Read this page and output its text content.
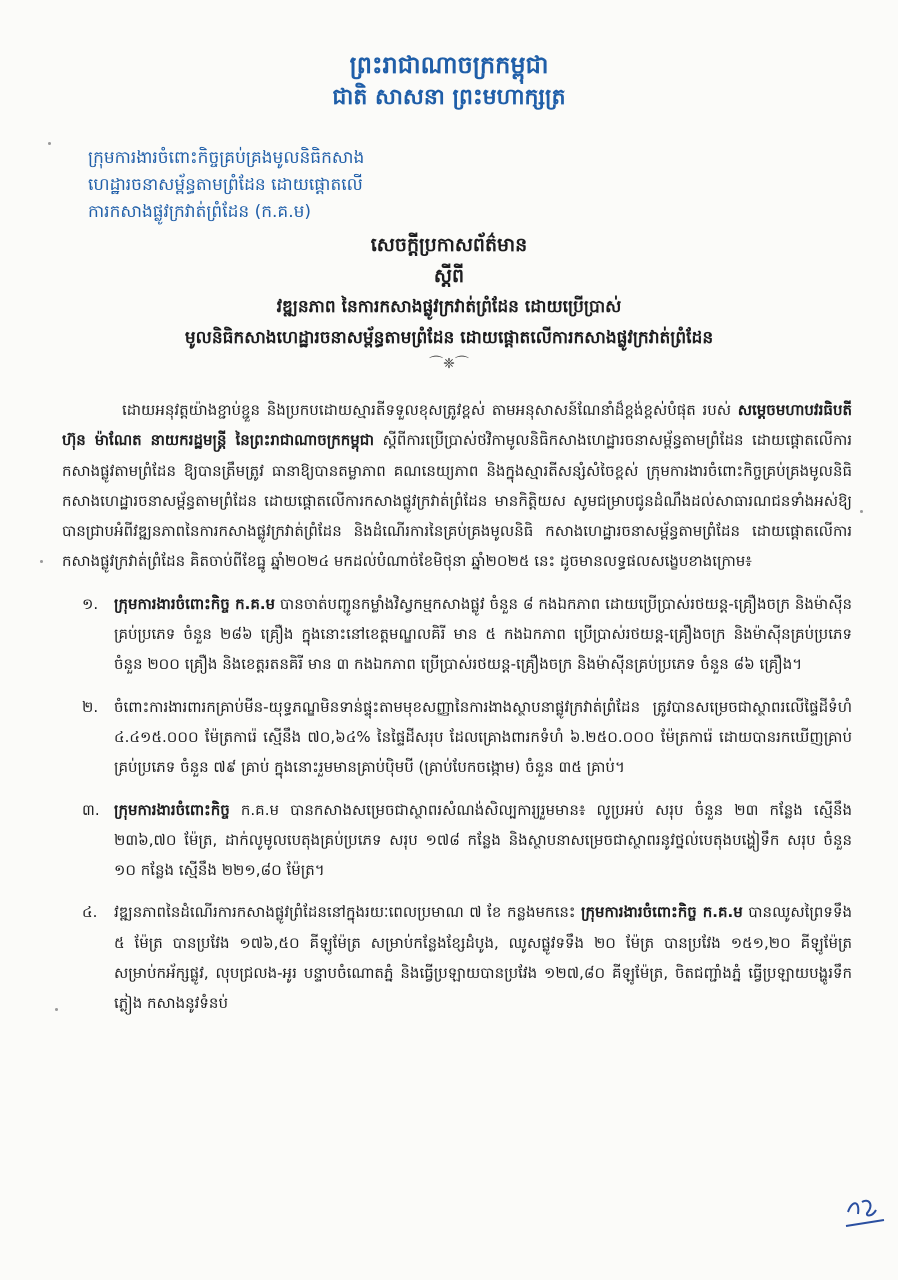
ព្រះរាជាណាចក្រកម្ពុជា

ជាតិ សាសនា ព្រះមហាក្សត្រ

ក្រុមការងារចំពោះកិច្ចគ្រប់គ្រងមូលនិធិកសាង
ហេដ្ឋារចនាសម្ព័ន្ធតាមព្រំដែន ដោយផ្តោតលើ
ការកសាងផ្លូវក្រវាត់ព្រំដែន (ក.គ.ម)
សេចក្តីប្រកាសព័ត៌មាន
ស្តីពី
វឌ្ឍនភាព នៃការកសាងផ្លូវក្រវាត់ព្រំដែន ដោយប្រើប្រាស់
មូលនិធិកសាងហេដ្ឋារចនាសម្ព័ន្ធតាមព្រំដែន ដោយផ្តោតលើការកសាងផ្លូវក្រវាត់ព្រំដែន
⌒❈⌒

ដោយអនុវត្តយ៉ាងខ្ជាប់ខ្ជួន និងប្រកបដោយស្មារតីទទួលខុសត្រូវខ្ពស់ តាមអនុសាសន៍ណែនាំដ៏ខ្ពង់ខ្ពស់បំផុត របស់ សម្តេចមហាបវរធិបតី ហ៊ុន ម៉ាណែត នាយករដ្ឋមន្ត្រី នៃព្រះរាជាណាចក្រកម្ពុជា ស្តីពីការប្រើប្រាស់ថវិកាមូលនិធិកសាងហេដ្ឋារចនាសម្ព័ន្ធតាមព្រំដែន ដោយផ្តោតលើការកសាងផ្លូវតាមព្រំដែន ឱ្យបានត្រឹមត្រូវ ធានាឱ្យបានតម្លាភាព គណនេយ្យភាព និងក្នុងស្មារតីសន្សំសំចៃខ្ពស់ ក្រុមការងារចំពោះកិច្ចគ្រប់គ្រងមូលនិធិកសាងហេដ្ឋារចនាសម្ព័ន្ធតាមព្រំដែន ដោយផ្តោតលើការកសាងផ្លូវក្រវាត់ព្រំដែន មានកិត្តិយស សូមជម្រាបជូនដំណឹងដល់សាធារណជនទាំងអស់ឱ្យបានជ្រាបអំពីវឌ្ឍនភាពនៃការកសាងផ្លូវក្រវាត់ព្រំដែន និងដំណើរការនៃគ្រប់គ្រងមូលនិធិ កសាងហេដ្ឋារចនាសម្ព័ន្ធតាមព្រំដែន ដោយផ្តោតលើការកសាងផ្លូវក្រវាត់ព្រំដែន គិតចាប់ពីខែធ្នូ ឆ្នាំ២០២៤ មកដល់បំណាច់ខែមិថុនា ឆ្នាំ២០២៥ នេះ ដូចមានលទ្ធផលសង្ខេបខាងក្រោម៖

១. ក្រុមការងារចំពោះកិច្ច ក.គ.ម បានចាត់បញ្ជូនកម្លាំងវិស្វកម្មកសាងផ្លូវ ចំនួន ៨ កងឯកភាព ដោយប្រើប្រាស់រថយន្ត-គ្រឿងចក្រ និងម៉ាស៊ីនគ្រប់ប្រភេទ ចំនួន ២៨៦ គ្រឿង ក្នុងនោះនៅខេត្តមណ្ឌលគិរី មាន ៥ កងឯកភាព ប្រើប្រាស់រថយន្ត-គ្រឿងចក្រ និងម៉ាស៊ីនគ្រប់ប្រភេទ ចំនួន ២០០ គ្រឿង និងខេត្តរតនគិរី មាន ៣ កងឯកភាព ប្រើប្រាស់រថយន្ត-គ្រឿងចក្រ និងម៉ាស៊ីនគ្រប់ប្រភេទ ចំនួន ៨៦ គ្រឿង។
២. ចំពោះការងារពារកគ្រាប់មីន-យុទ្ធភណ្ឌមិនទាន់ផ្ទុះតាមមុខសញ្ញានៃការងាងស្ថាបនាផ្លូវក្រវាត់ព្រំដែន ត្រូវបានសម្រេចជាស្ថាពរលើផ្ទៃដីទំហំ ៤.៤១៥.០០០ ម៉ែត្រការ៉េ ស្មើនឹង ៧០,៦៤% នៃផ្ទៃដីសរុប ដែលគ្រោងពារកទំហំ ៦.២៥០.០០០ ម៉ែត្រការ៉េ ដោយបានរកឃើញគ្រាប់គ្រប់ប្រភេទ ចំនួន ៧៩ គ្រាប់ ក្នុងនោះរួមមានគ្រាប់បុិមបី (គ្រាប់បែកចង្កោម) ចំនួន ៣៥ គ្រាប់។
៣. ក្រុមការងារចំពោះកិច្ច ក.គ.ម បានកសាងសម្រេចជាស្ថាពរសំណង់សិល្បការ្យរួមមាន៖ លូប្រអប់ សរុប ចំនួន ២៣ កន្លែង ស្មើនឹង ២៣៦,៧០ ម៉ែត្រ, ដាក់លូមូលបេតុងគ្រប់ប្រភេទ សរុប ១៧៨ កន្លែង និងស្ថាបនាសម្រេចជាស្ថាពរនូវថ្នល់បេតុងបង្ហៀទឹក សរុប ចំនួន ១០ កន្លែង ស្មើនឹង ២២១,៨០ ម៉ែត្រ។
៤. វឌ្ឍនភាពនៃដំណើរការកសាងផ្លូវព្រំដែននៅក្នុងរយៈពេលប្រមាណ ៧ ខែ កន្លងមកនេះ ក្រុមការងារចំពោះកិច្ច ក.គ.ម បានឈូសព្រៃទទឹង ៥ ម៉ែត្រ បានប្រវែង ១៧៦,៥០ គីឡូម៉ែត្រ សម្រាប់កន្លែងខ្សែដំបូង, ឈូសផ្លូវទទឹង ២០ ម៉ែត្រ បានប្រវែង ១៥១,២០ គីឡូម៉ែត្រ សម្រាប់កអ័ក្សផ្លូវ, លុបជ្រលង-អូរ បន្ទាបចំណោតភ្នំ និងធ្វើប្រឡាយបានប្រវែង ១២៧,៨០ គីឡូម៉ែត្រ, ចិតជញ្ជាំងភ្នំ ធ្វើប្រឡាយបង្ហូរទឹកភ្លៀង កសាងនូវទំនប់
